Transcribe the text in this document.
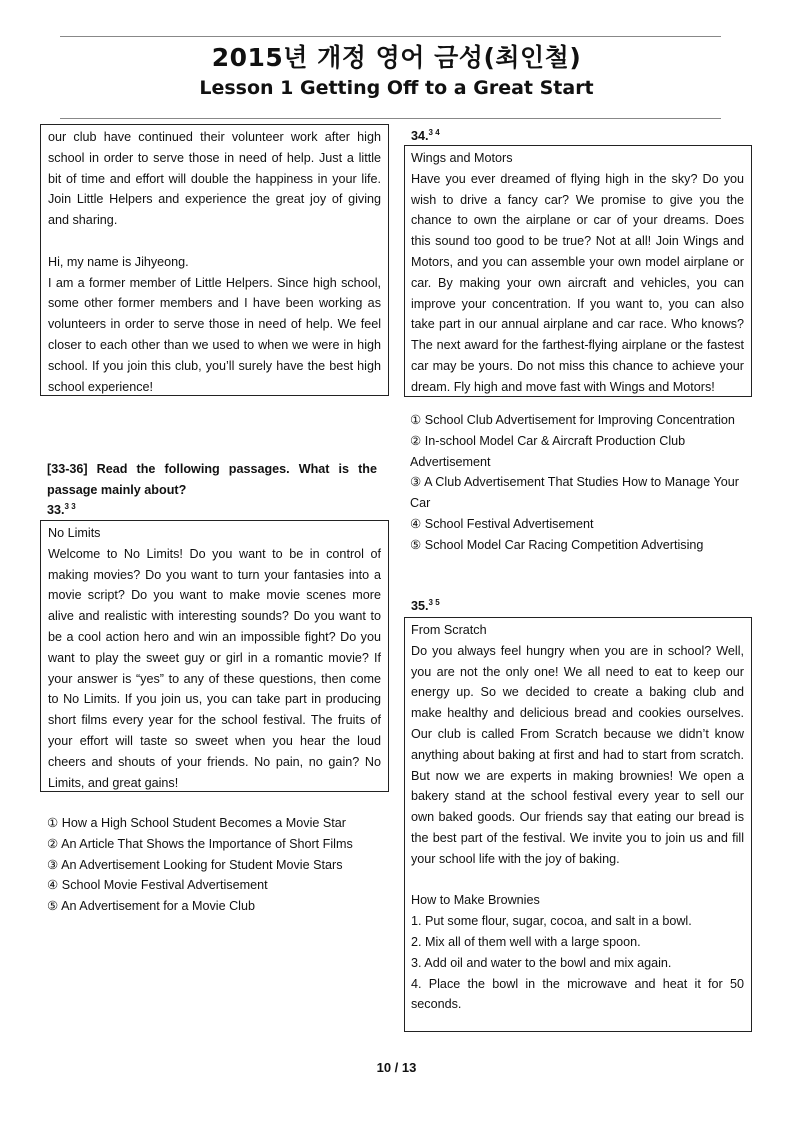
2015년 개정 영어 금성(최인철)
Lesson 1 Getting Off to a Great Start

our club have continued their volunteer work after high school in order to serve those in need of help. Just a little bit of time and effort will double the happiness in your life. Join Little Helpers and experience the great joy of giving and sharing.

Hi, my name is Jihyeong.

I am a former member of Little Helpers. Since high school, some other former members and I have been working as volunteers in order to serve those in need of help. We feel closer to each other than we used to when we were in high school. If you join this club, you’ll surely have the best high school experience!

[33-36] Read the following passages. What is the passage mainly about?
33.$^{3 3}$

No Limits

Welcome to No Limits! Do you want to be in control of making movies? Do you want to turn your fantasies into a movie script? Do you want to make movie scenes more alive and realistic with interesting sounds? Do you want to be a cool action hero and win an impossible fight? Do you want to play the sweet guy or girl in a romantic movie? If your answer is “yes” to any of these questions, then come to No Limits. If you join us, you can take part in producing short films every year for the school festival. The fruits of your effort will taste so sweet when you hear the loud cheers and shouts of your friends. No pain, no gain? No Limits, and great gains!

① How a High School Student Becomes a Movie Star
② An Article That Shows the Importance of Short Films
③ An Advertisement Looking for Student Movie Stars
④ School Movie Festival Advertisement
⑤ An Advertisement for a Movie Club
34.$^{3 4}$

Wings and Motors

Have you ever dreamed of flying high in the sky? Do you wish to drive a fancy car? We promise to give you the chance to own the airplane or car of your dreams. Does this sound too good to be true? Not at all! Join Wings and Motors, and you can assemble your own model airplane or car. By making your own aircraft and vehicles, you can improve your concentration. If you want to, you can also take part in our annual airplane and car race. Who knows? The next award for the farthest-flying airplane or the fastest car may be yours. Do not miss this chance to achieve your dream. Fly high and move fast with Wings and Motors!

① School Club Advertisement for Improving Concentration
② In-school Model Car & Aircraft Production Club Advertisement
③ A Club Advertisement That Studies How to Manage Your Car
④ School Festival Advertisement
⑤ School Model Car Racing Competition Advertising
35.$^{3 5}$

From Scratch

Do you always feel hungry when you are in school? Well, you are not the only one! We all need to eat to keep our energy up. So we decided to create a baking club and make healthy and delicious bread and cookies ourselves. Our club is called From Scratch because we didn’t know anything about baking at first and had to start from scratch. But now we are experts in making brownies! We open a bakery stand at the school festival every year to sell our own baked goods. Our friends say that eating our bread is the best part of the festival. We invite you to join us and fill your school life with the joy of baking.

How to Make Brownies

1. Put some flour, sugar, cocoa, and salt in a bowl.

2. Mix all of them well with a large spoon.

3. Add oil and water to the bowl and mix again.

4. Place the bowl in the microwave and heat it for 50 seconds.

10 / 13
